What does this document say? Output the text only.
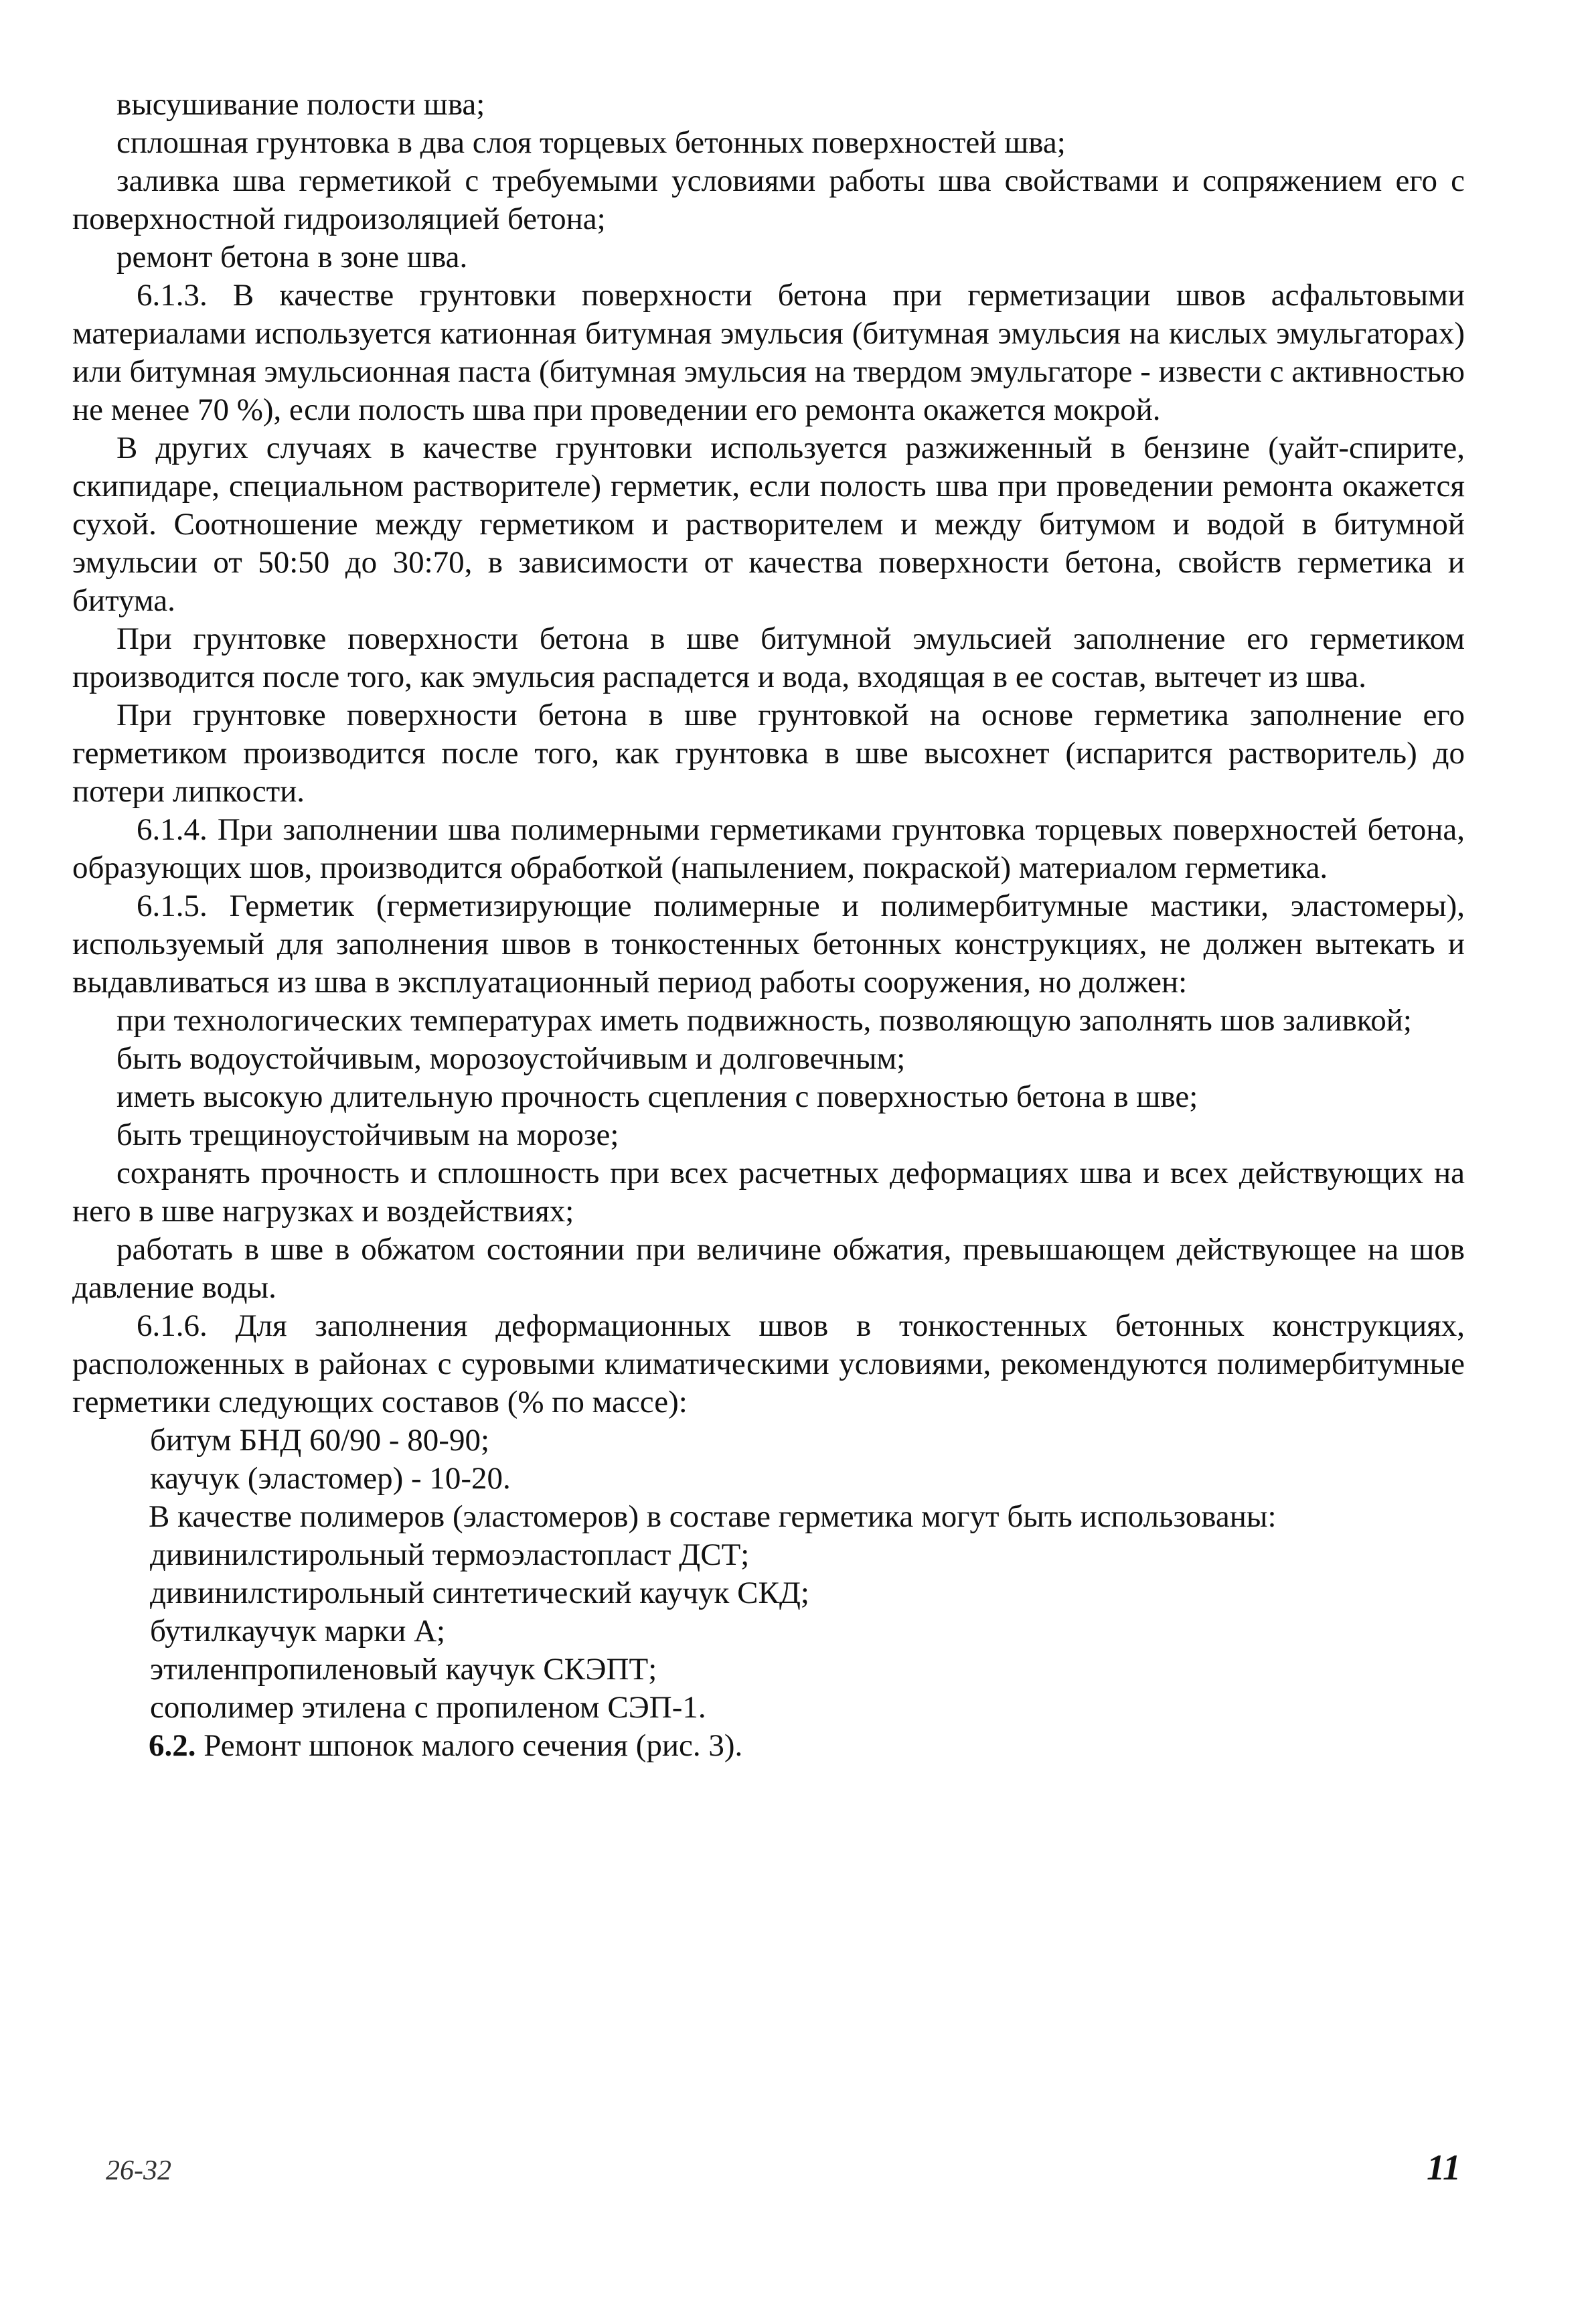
высушивание полости шва;

сплошная грунтовка в два слоя торцевых бетонных поверхностей шва;

заливка шва герметикой с требуемыми условиями работы шва свойствами и сопряжением его с поверхностной гидроизоляцией бетона;

ремонт бетона в зоне шва.

6.1.3. В качестве грунтовки поверхности бетона при герметизации швов асфальтовыми материалами используется катионная битумная эмульсия (битумная эмульсия на кислых эмульгаторах) или битумная эмульсионная паста (битумная эмульсия на твердом эмульгаторе - извести с активностью не менее 70 %), если полость шва при проведении его ремонта окажется мокрой.

В других случаях в качестве грунтовки используется разжиженный в бензине (уайт-спирите, скипидаре, специальном растворителе) герметик, если полость шва при проведении ремонта окажется сухой. Соотношение между герметиком и растворителем и между битумом и водой в битумной эмульсии от 50:50 до 30:70, в зависимости от качества поверхности бетона, свойств герметика и битума.

При грунтовке поверхности бетона в шве битумной эмульсией заполнение его герметиком производится после того, как эмульсия распадется и вода, входящая в ее состав, вытечет из шва.

При грунтовке поверхности бетона в шве грунтовкой на основе герметика заполнение его герметиком производится после того, как грунтовка в шве высохнет (испарится растворитель) до потери липкости.

6.1.4. При заполнении шва полимерными герметиками грунтовка торцевых поверхностей бетона, образующих шов, производится обработкой (напылением, покраской) материалом герметика.

6.1.5. Герметик (герметизирующие полимерные и полимербитумные мастики, эластомеры), используемый для заполнения швов в тонкостенных бетонных конструкциях, не должен вытекать и выдавливаться из шва в эксплуатационный период работы сооружения, но должен:

при технологических температурах иметь подвижность, позволяющую заполнять шов заливкой;

быть водоустойчивым, морозоустойчивым и долговечным;

иметь высокую длительную прочность сцепления с поверхностью бетона в шве;

быть трещиноустойчивым на морозе;

сохранять прочность и сплошность при всех расчетных деформациях шва и всех действующих на него в шве нагрузках и воздействиях;

работать в шве в обжатом состоянии при величине обжатия, превышающем действующее на шов давление воды.

6.1.6. Для заполнения деформационных швов в тонкостенных бетонных конструкциях, расположенных в районах с суровыми климатическими условиями, рекомендуются полимербитумные герметики следующих составов (% по массе):

битум БНД 60/90 - 80-90;

каучук (эластомер) - 10-20.

В качестве полимеров (эластомеров) в составе герметика могут быть использованы:

дивинилстирольный термоэластопласт ДСТ;

дивинилстирольный синтетический каучук СКД;

бутилкаучук марки А;

этиленпропиленовый каучук СКЭПТ;

сополимер этилена с пропиленом СЭП-1.

6.2. Ремонт шпонок малого сечения (рис. 3).

26-32	11
